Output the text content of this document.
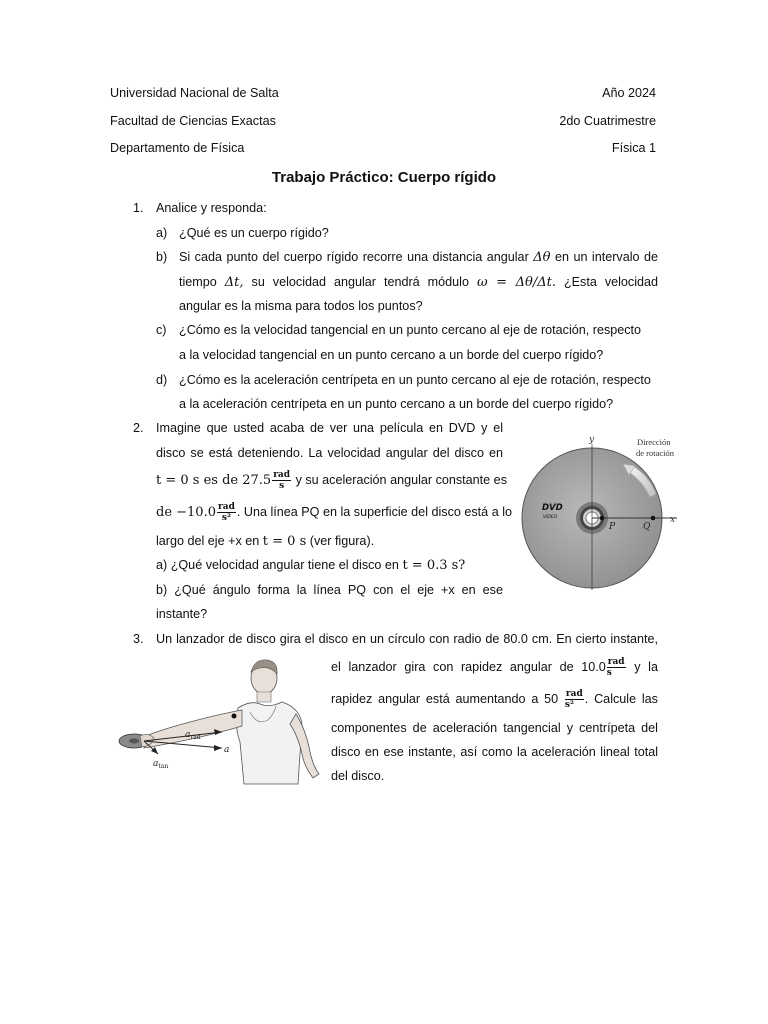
Universidad Nacional de Salta	Año 2024
Facultad de Ciencias Exactas	2do Cuatrimestre
Departamento de Física	Física 1
Trabajo Práctico: Cuerpo rígido
1. Analice y responda:
a) ¿Qué es un cuerpo rígido?
b) Si cada punto del cuerpo rígido recorre una distancia angular Δθ en un intervalo de
tiempo Δt, su velocidad angular tendrá módulo ω = Δθ/Δt. ¿Esta velocidad
angular es la misma para todos los puntos?
c) ¿Cómo es la velocidad tangencial en un punto cercano al eje de rotación, respecto
a la velocidad tangencial en un punto cercano a un borde del cuerpo rígido?
d) ¿Cómo es la aceleración centrípeta en un punto cercano al eje de rotación, respecto
a la aceleración centrípeta en un punto cercano a un borde del cuerpo rígido?
2. Imagine que usted acaba de ver una película en DVD y el
disco se está deteniendo. La velocidad angular del disco en
t = 0 s es de $27.5 \frac{\text{rad}}{s}$ y su aceleración angular constante es
de $-10.0 \frac{\text{rad}}{\text{s²}}$ . Una línea PQ en la superficie del disco está a lo
largo del eje +x en t = 0 s (ver figura).
a) ¿Qué velocidad angular tiene el disco en t = 0.3 s?
b) ¿Qué ángulo forma la línea PQ con el eje +x en ese
instante?
y
x
P	Q
DVD
VIDEO
Dirección
de rotación
3. Un lanzador de disco gira el disco en un círculo con radio de 80.0 cm. En cierto instante,
el lanzador gira con rapidez angular de $10.0 \frac{\text{rad}}{s}$ y la
rapidez angular está aumentando a $50 \frac{\text{rad}}{\text{s²}}$ . Calcule las
componentes de aceleración tangencial y centrípeta del
disco en ese instante, así como la aceleración lineal total
del disco.
$a_{rad}$
a
$a_{tan}$
